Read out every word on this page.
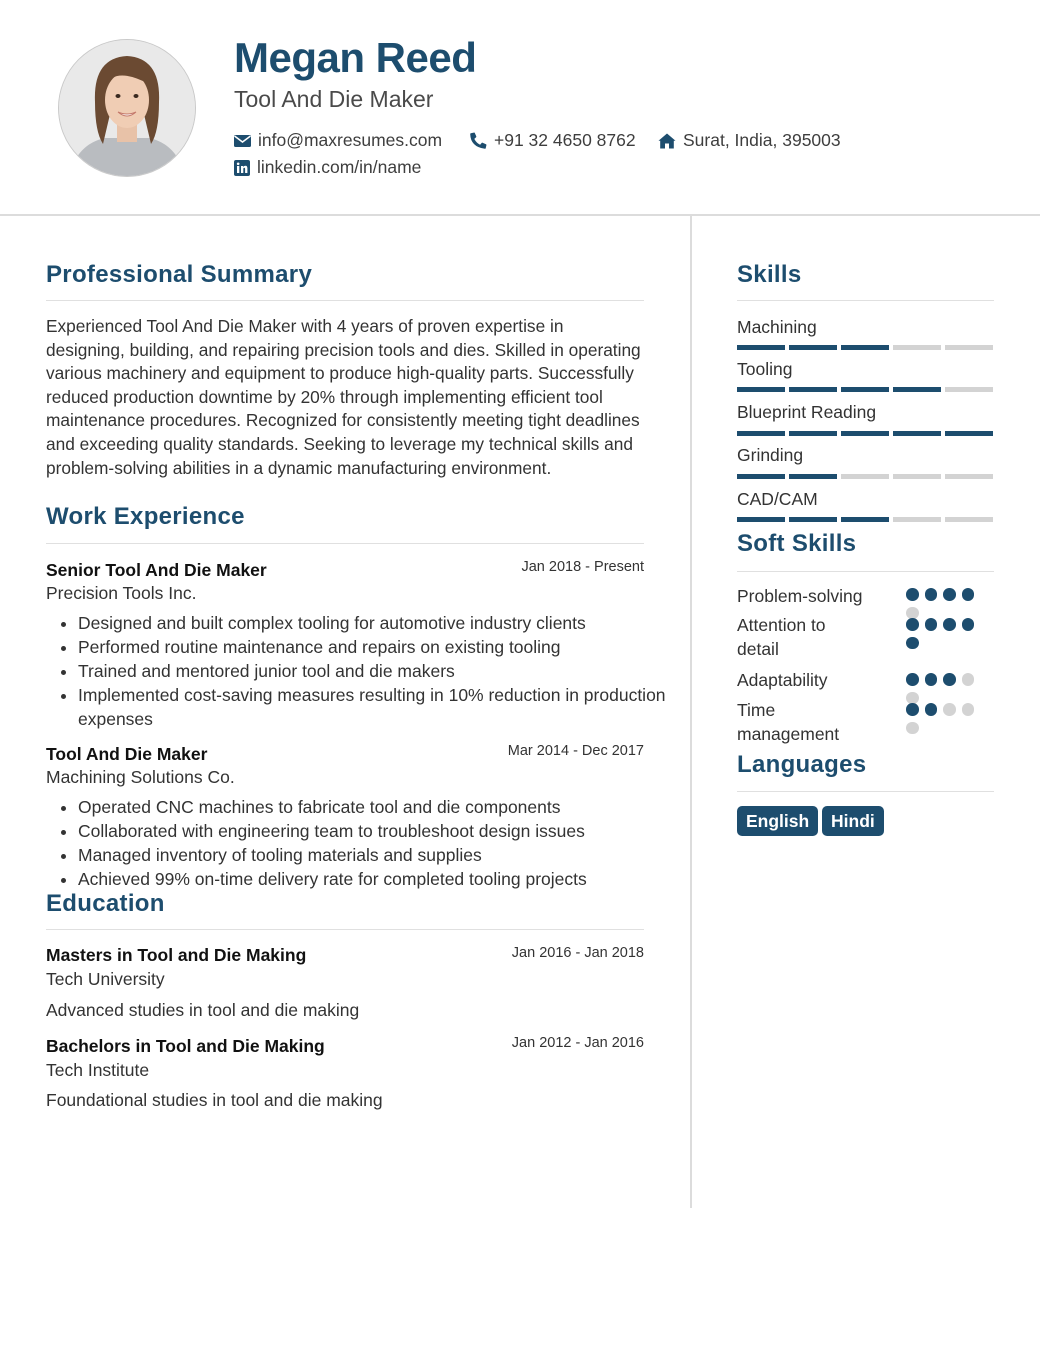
Megan Reed
Tool And Die Maker
info@maxresumes.com	+91 32 4650 8762	Surat, India, 395003
linkedin.com/in/name
Professional Summary
Experienced Tool And Die Maker with 4 years of proven expertise in designing, building, and repairing precision tools and dies. Skilled in operating various machinery and equipment to produce high-quality parts. Successfully reduced production downtime by 20% through implementing efficient tool maintenance procedures. Recognized for consistently meeting tight deadlines and exceeding quality standards. Seeking to leverage my technical skills and problem-solving abilities in a dynamic manufacturing environment.
Work Experience
Senior Tool And Die Maker	Jan 2018 - Present
Precision Tools Inc.
• Designed and built complex tooling for automotive industry clients
• Performed routine maintenance and repairs on existing tooling
• Trained and mentored junior tool and die makers
• Implemented cost-saving measures resulting in 10% reduction in production expenses
Tool And Die Maker	Mar 2014 - Dec 2017
Machining Solutions Co.
• Operated CNC machines to fabricate tool and die components
• Collaborated with engineering team to troubleshoot design issues
• Managed inventory of tooling materials and supplies
• Achieved 99% on-time delivery rate for completed tooling projects
Education
Masters in Tool and Die Making	Jan 2016 - Jan 2018
Tech University
Advanced studies in tool and die making
Bachelors in Tool and Die Making	Jan 2012 - Jan 2016
Tech Institute
Foundational studies in tool and die making
Skills
Machining
Tooling
Blueprint Reading
Grinding
CAD/CAM
Soft Skills
Problem-solving
Attention to detail
Adaptability
Time management
Languages
English	Hindi
